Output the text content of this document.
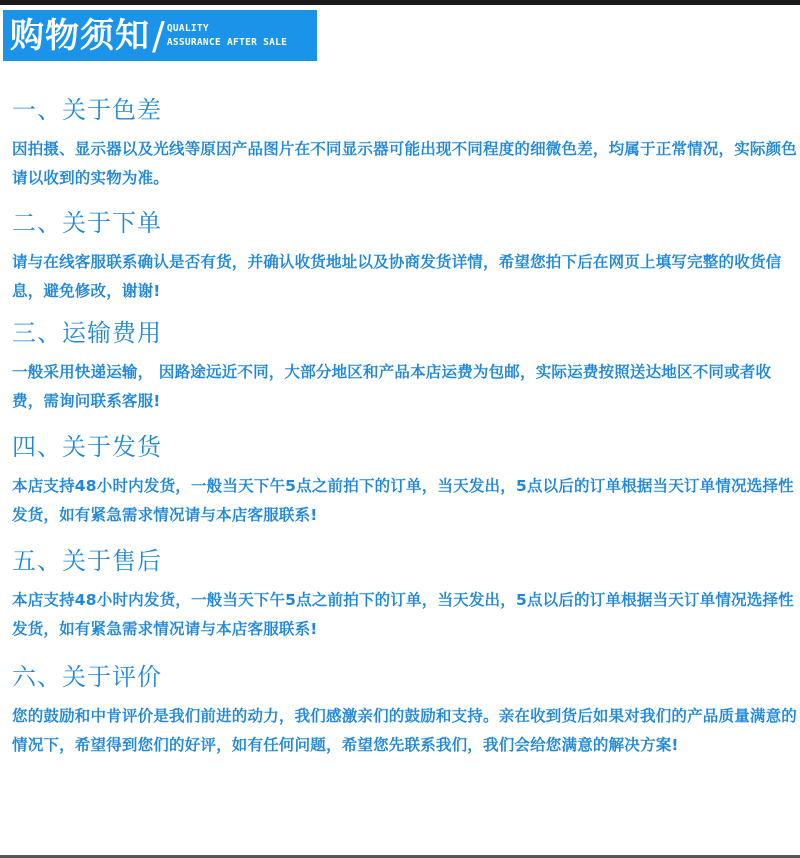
购物须知 / QUALITY
ASSURANCE AFTER SALE
一、关于色差
因拍摄、显示器以及光线等原因产品图片在不同显示器可能出现不同程度的细微色差，均属于正常情况，实际颜色请以收到的实物为准。
二、关于下单
请与在线客服联系确认是否有货，并确认收货地址以及协商发货详情，希望您拍下后在网页上填写完整的收货信息，避免修改，谢谢!
三、运输费用
一般采用快递运输， 因路途远近不同，大部分地区和产品本店运费为包邮，实际运费按照送达地区不同或者收费，需询问联系客服!
四、关于发货
本店支持48小时内发货，一般当天下午5点之前拍下的订单，当天发出，5点以后的订单根据当天订单情况选择性发货，如有紧急需求情况请与本店客服联系!
五、关于售后
本店支持48小时内发货，一般当天下午5点之前拍下的订单，当天发出，5点以后的订单根据当天订单情况选择性发货，如有紧急需求情况请与本店客服联系!
六、关于评价
您的鼓励和中肯评价是我们前进的动力，我们感激亲们的鼓励和支持。亲在收到货后如果对我们的产品质量满意的情况下，希望得到您们的好评，如有任何问题，希望您先联系我们，我们会给您满意的解决方案!
